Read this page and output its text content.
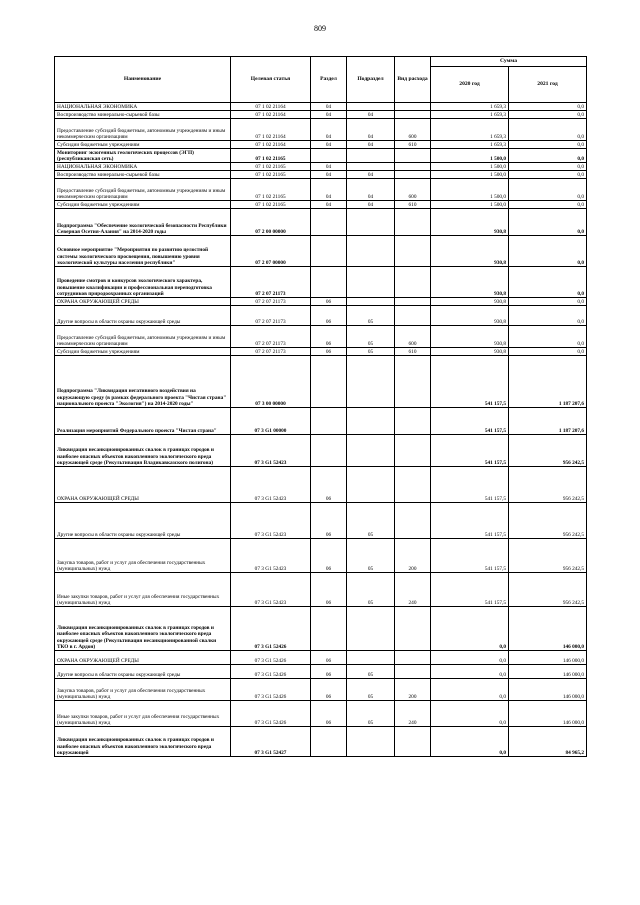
809
Наименование	Целевая статья	Раздел	Подраздел	Вид расхода	Сумма	
					2020 год	2021 год
НАЦИОНАЛЬНАЯ ЭКОНОМИКА	07 1 02 21164	04			1 659,3	0,0
Воспроизводство минерально-сырьевой базы	07 1 02 21164	04	04		1 659,3	0,0
Предоставление субсидий бюджетным, автономным учреждениям и иным некоммерческим организациям	07 1 02 21164	04	04	600	1 659,3	0,0
Субсидии бюджетным учреждениям	07 1 02 21164	04	04	610	1 659,3	0,0
Мониторинг экзогенных геологических процессов (ЭГП) (республиканская сеть)	07 1 02 21165				1 500,0	0,0
НАЦИОНАЛЬНАЯ ЭКОНОМИКА	07 1 02 21165	04			1 500,0	0,0
Воспроизводство минерально-сырьевой базы	07 1 02 21165	04	04		1 500,0	0,0
Предоставление субсидий бюджетным, автономным учреждениям и иным некоммерческим организациям	07 1 02 21165	04	04	600	1 500,0	0,0
Субсидии бюджетным учреждениям	07 1 02 21165	04	04	610	1 500,0	0,0
Подпрограмма "Обеспечение экологической безопасности Республики Северная Осетия-Алания" на 2014-2020 годы	07 2 00 00000				930,8	0,0
Основное мероприятие "Мероприятия по развитию целостной системы экологического просвещения, повышению уровня экологической культуры населения республики"	07 2 07 00000				930,8	0,0
Проведение смотров и конкурсов экологического характера, повышение квалификации и профессиональная переподготовка сотрудников природоохранных организаций	07 2 07 21173				930,8	0,0
ОХРАНА ОКРУЖАЮЩЕЙ СРЕДЫ	07 2 07 21173	06			930,8	0,0
Другие вопросы в области охраны окружающей среды	07 2 07 21173	06	05		930,8	0,0
Предоставление субсидий бюджетным, автономным учреждениям и иным некоммерческим организациям	07 2 07 21173	06	05	600	930,8	0,0
Субсидии бюджетным учреждениям	07 2 07 21173	06	05	610	930,8	0,0
Подпрограмма "Ликвидация негативного воздействия на окружающую среду (в рамках федерального проекта "Чистая страна" национального проекта "Экология") на 2014-2020 годы"	07 3 00 00000				541 157,5	1 187 207,6
Реализация мероприятий Федерального проекта "Чистая страна"	07 3 G1 00000				541 157,5	1 187 207,6
Ликвидация несанкционированных свалок в границах городов и наиболее опасных объектов накопленного экологического вреда окружающей среде (Рекультивация Владикавказского полигона)	07 3 G1 52423				541 157,5	956 242,5
ОХРАНА ОКРУЖАЮЩЕЙ СРЕДЫ	07 3 G1 52423	06			541 157,5	956 242,5
Другие вопросы в области охраны окружающей среды	07 3 G1 52423	06	05		541 157,5	956 242,5
Закупка товаров, работ и услуг для обеспечения государственных (муниципальных) нужд	07 3 G1 52423	06	05	200	541 157,5	956 242,5
Иные закупки товаров, работ и услуг для обеспечения государственных (муниципальных) нужд	07 3 G1 52423	06	05	240	541 157,5	956 242,5
Ликвидация несанкционированных свалок в границах городов и наиболее опасных объектов накопленного экологического вреда окружающей среде (Рекультивация несанкционированной свалки ТКО в г. Ардон)	07 3 G1 52426				0,0	146 000,0
ОХРАНА ОКРУЖАЮЩЕЙ СРЕДЫ	07 3 G1 52426	06			0,0	146 000,0
Другие вопросы в области охраны окружающей среды	07 3 G1 52426	06	05		0,0	146 000,0
Закупка товаров, работ и услуг для обеспечения государственных (муниципальных) нужд	07 3 G1 52426	06	05	200	0,0	146 000,0
Иные закупки товаров, работ и услуг для обеспечения государственных (муниципальных) нужд	07 3 G1 52426	06	05	240	0,0	146 000,0
Ликвидация несанкционированных свалок в границах городов и наиболее опасных объектов накопленного экологического вреда окружающей	07 3 G1 52427				0,0	84 965,2
